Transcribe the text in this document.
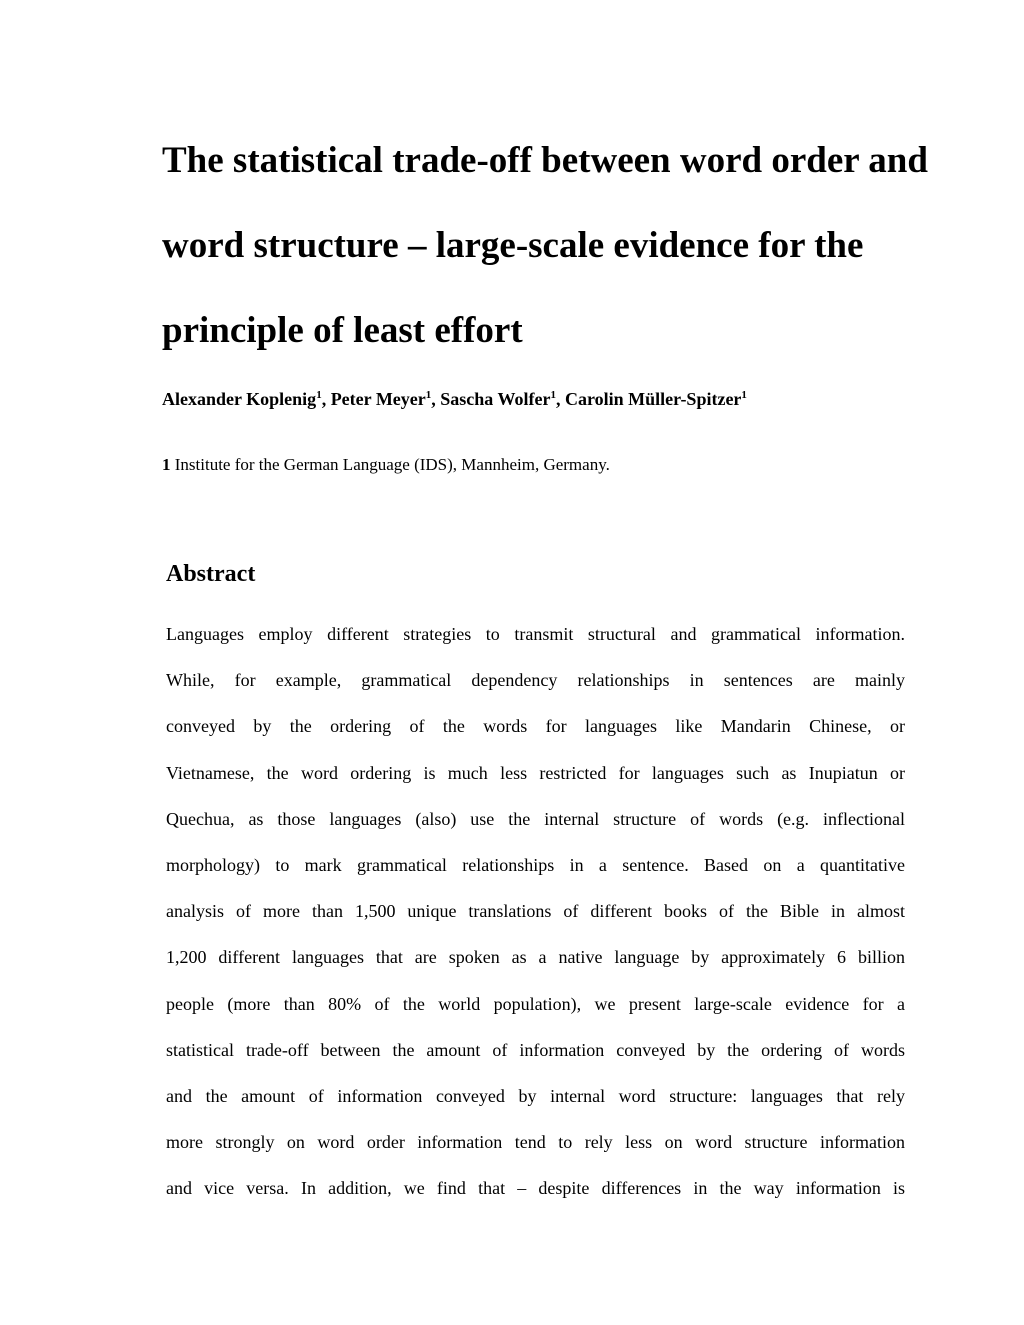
The statistical trade-off between word order and
word structure – large-scale evidence for the
principle of least effort

Alexander Koplenig$^1$, Peter Meyer$^1$, Sascha Wolfer$^1$, Carolin Müller-Spitzer$^1$

1 Institute for the German Language (IDS), Mannheim, Germany.

Abstract
Languages employ different strategies to transmit structural and grammatical information.
While, for example, grammatical dependency relationships in sentences are mainly
conveyed by the ordering of the words for languages like Mandarin Chinese, or
Vietnamese, the word ordering is much less restricted for languages such as Inupiatun or
Quechua, as those languages (also) use the internal structure of words (e.g. inflectional
morphology) to mark grammatical relationships in a sentence. Based on a quantitative
analysis of more than 1,500 unique translations of different books of the Bible in almost
1,200 different languages that are spoken as a native language by approximately 6 billion
people (more than 80% of the world population), we present large-scale evidence for a
statistical trade-off between the amount of information conveyed by the ordering of words
and the amount of information conveyed by internal word structure: languages that rely
more strongly on word order information tend to rely less on word structure information
and vice versa. In addition, we find that – despite differences in the way information is
